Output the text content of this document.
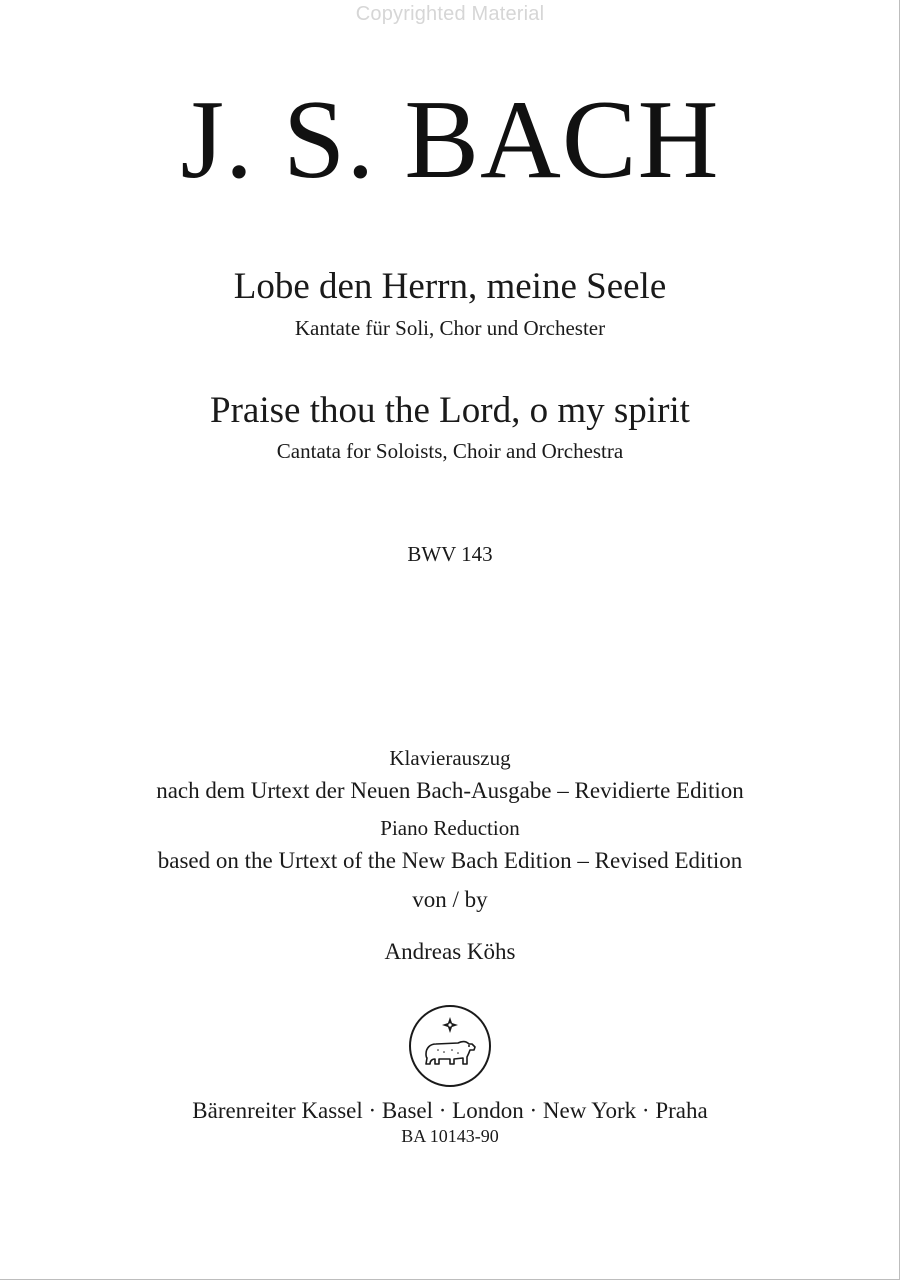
Copyrighted Material
J. S. BACH
Lobe den Herrn, meine Seele
Kantate für Soli, Chor und Orchester
Praise thou the Lord, o my spirit
Cantata for Soloists, Choir and Orchestra
BWV 143
Klavierauszug
nach dem Urtext der Neuen Bach-Ausgabe – Revidierte Edition
Piano Reduction
based on the Urtext of the New Bach Edition – Revised Edition
von / by
Andreas Köhs
Bärenreiter Kassel · Basel · London · New York · Praha
BA 10143-90
